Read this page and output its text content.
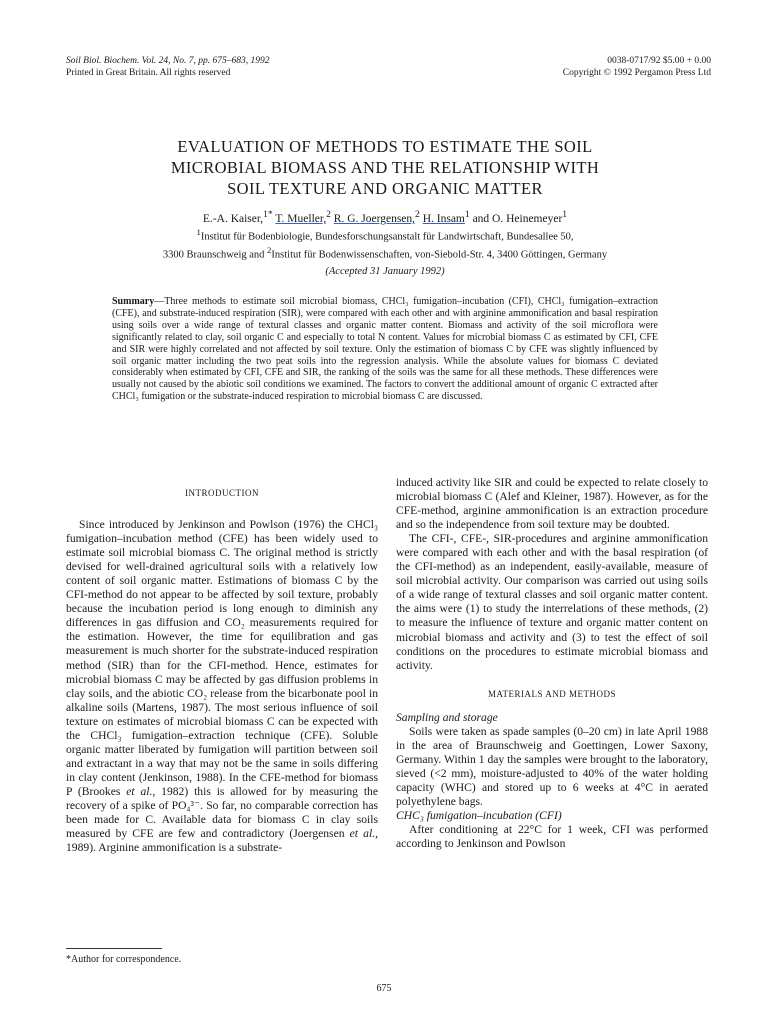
Soil Biol. Biochem. Vol. 24, No. 7, pp. 675–683, 1992
Printed in Great Britain. All rights reserved
0038-0717/92 $5.00 + 0.00
Copyright © 1992 Pergamon Press Ltd
EVALUATION OF METHODS TO ESTIMATE THE SOIL
MICROBIAL BIOMASS AND THE RELATIONSHIP WITH
SOIL TEXTURE AND ORGANIC MATTER
E.-A. Kaiser,$^{1*}$ T. Mueller,$^2$ R. G. Joergensen,$^2$ H. Insam$^1$ and O. Heinemeyer$^1$
$^1$Institut für Bodenbiologie, Bundesforschungsanstalt für Landwirtschaft, Bundesallee 50,
3300 Braunschweig and $^2$Institut für Bodenwissenschaften, von-Siebold-Str. 4, 3400 Göttingen, Germany
(Accepted 31 January 1992)
Summary—Three methods to estimate soil microbial biomass, CHCl₃ fumigation–incubation (CFI), CHCl₃ fumigation–extraction (CFE), and substrate-induced respiration (SIR), were compared with each other and with arginine ammonification and basal respiration using soils over a wide range of textural classes and organic matter content. Biomass and activity of the soil microflora were significantly related to clay, soil organic C and especially to total N content. Values for microbial biomass C as estimated by CFI, CFE and SIR were highly correlated and not affected by soil texture. Only the estimation of biomass C by CFE was slightly influenced by soil organic matter including the two peat soils into the regression analysis. While the absolute values for biomass C deviated considerably when estimated by CFI, CFE and SIR, the ranking of the soils was the same for all these methods. These differences were usually not caused by the abiotic soil conditions we examined. The factors to convert the additional amount of organic C extracted after CHCl₃ fumigation or the substrate-induced respiration to microbial biomass C are discussed.
INTRODUCTION

Since introduced by Jenkinson and Powlson (1976) the CHCl₃ fumigation–incubation method (CFE) has been widely used to estimate soil microbial biomass C. The original method is strictly devised for well-drained agricultural soils with a relatively low content of soil organic matter. Estimations of biomass C by the CFI-method do not appear to be affected by soil texture, probably because the incubation period is long enough to diminish any differences in gas diffusion and CO₂ measurements required for the estimation. However, the time for equilibration and gas measurement is much shorter for the substrate-induced respiration method (SIR) than for the CFI-method. Hence, estimates for microbial biomass C may be affected by gas diffusion problems in clay soils, and the abiotic CO₂ release from the bicarbonate pool in alkaline soils (Martens, 1987). The most serious influence of soil texture on estimates of microbial biomass C can be expected with the CHCl₃ fumigation–extraction technique (CFE). Soluble organic matter liberated by fumigation will partition between soil and extractant in a way that may not be the same in soils differing in clay content (Jenkinson, 1988). In the CFE-method for biomass P (Brookes et al., 1982) this is allowed for by measuring the recovery of a spike of PO₄³⁻. So far, no comparable correction has been made for C. Available data for biomass C in clay soils measured by CFE are few and contradictory (Joergensen et al., 1989). Arginine ammonification is a substrate-

induced activity like SIR and could be expected to relate closely to microbial biomass C (Alef and Kleiner, 1987). However, as for the CFE-method, arginine ammonification is an extraction procedure and so the independence from soil texture may be doubted.

The CFI-, CFE-, SIR-procedures and arginine ammonification were compared with each other and with the basal respiration (of the CFI-method) as an independent, easily-available, measure of soil microbial activity. Our comparison was carried out using soils of a wide range of textural classes and soil organic matter content. the aims were (1) to study the interrelations of these methods, (2) to measure the influence of texture and organic matter content on microbial biomass and activity and (3) to test the effect of soil conditions on the procedures to estimate microbial biomass and activity.

MATERIALS AND METHODS

Sampling and storage

Soils were taken as spade samples (0–20 cm) in late April 1988 in the area of Braunschweig and Goettingen, Lower Saxony, Germany. Within 1 day the samples were brought to the laboratory, sieved (<2 mm), moisture-adjusted to 40% of the water holding capacity (WHC) and stored up to 6 weeks at 4°C in aerated polyethylene bags.

CHC₃ fumigation–incubation (CFI)

After conditioning at 22°C for 1 week, CFI was performed according to Jenkinson and Powlson

*Author for correspondence.
675
